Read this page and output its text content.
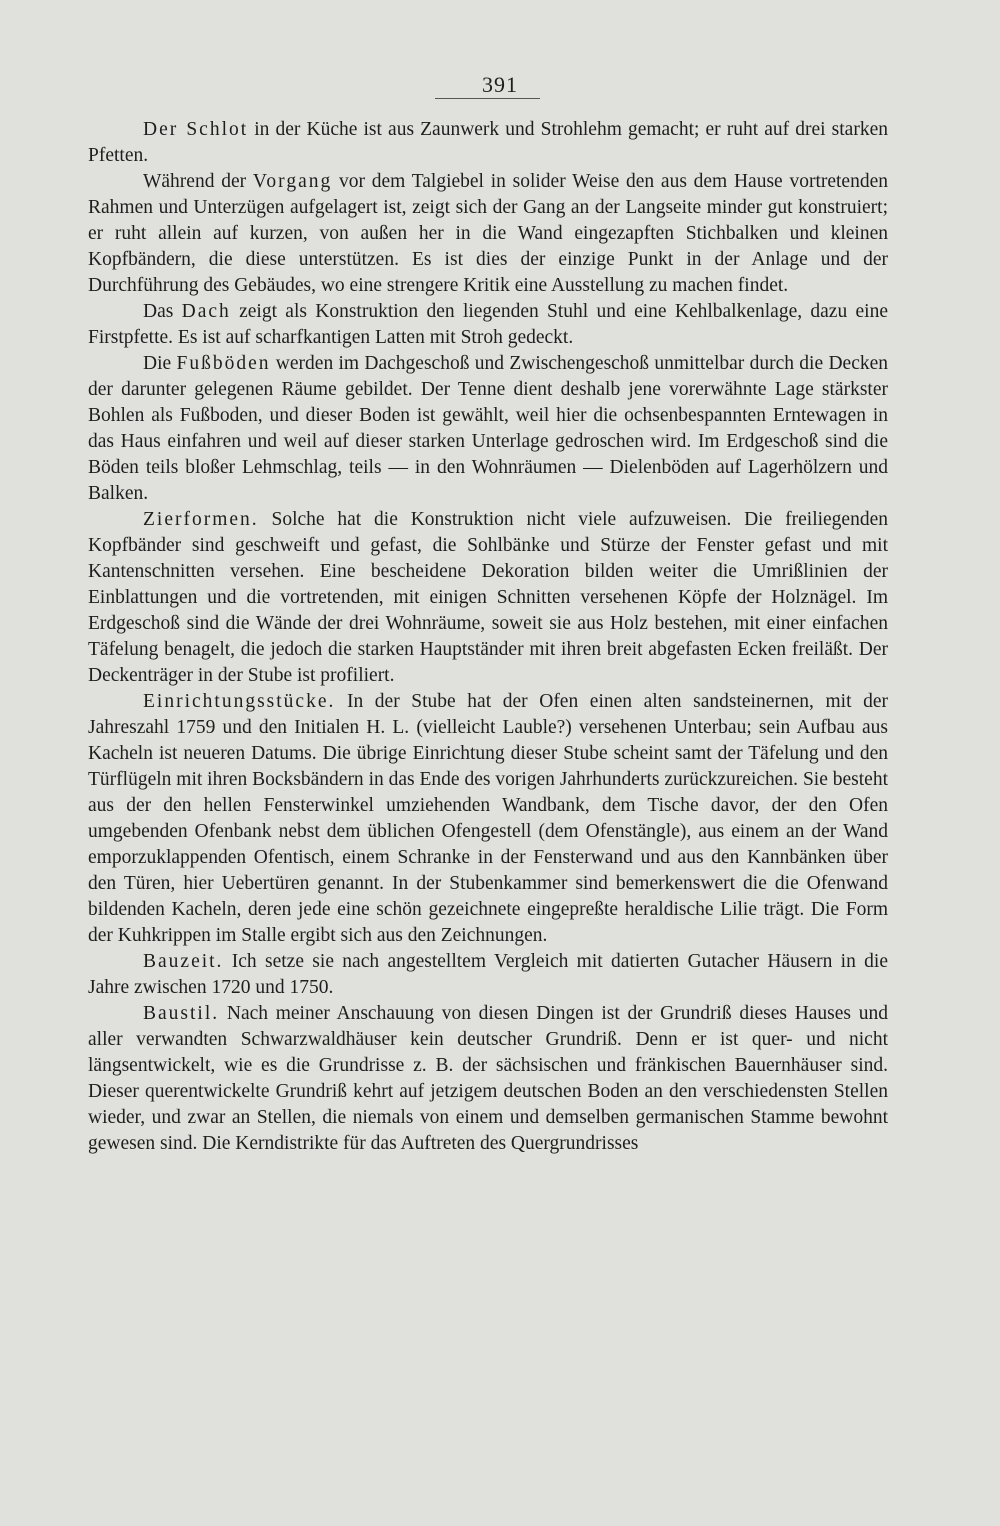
391

Der Schlot in der Küche ist aus Zaunwerk und Strohlehm gemacht; er ruht auf drei starken Pfetten.

Während der Vorgang vor dem Talgiebel in solider Weise den aus dem Hause vortretenden Rahmen und Unterzügen aufgelagert ist, zeigt sich der Gang an der Langseite minder gut konstruiert; er ruht allein auf kurzen, von außen her in die Wand eingezapften Stichbalken und kleinen Kopfbändern, die diese unterstützen. Es ist dies der einzige Punkt in der Anlage und der Durchführung des Gebäudes, wo eine strengere Kritik eine Ausstellung zu machen findet.

Das Dach zeigt als Konstruktion den liegenden Stuhl und eine Kehlbalkenlage, dazu eine Firstpfette. Es ist auf scharfkantigen Latten mit Stroh gedeckt.

Die Fußböden werden im Dachgeschoß und Zwischengeschoß unmittelbar durch die Decken der darunter gelegenen Räume gebildet. Der Tenne dient deshalb jene vorerwähnte Lage stärkster Bohlen als Fußboden, und dieser Boden ist gewählt, weil hier die ochsenbespannten Erntewagen in das Haus einfahren und weil auf dieser starken Unterlage gedroschen wird. Im Erdgeschoß sind die Böden teils bloßer Lehmschlag, teils — in den Wohnräumen — Dielenböden auf Lagerhölzern und Balken.

Zierformen. Solche hat die Konstruktion nicht viele aufzuweisen. Die freiliegenden Kopfbänder sind geschweift und gefast, die Sohlbänke und Stürze der Fenster gefast und mit Kantenschnitten versehen. Eine bescheidene Dekoration bilden weiter die Umrißlinien der Einblattungen und die vortretenden, mit einigen Schnitten versehenen Köpfe der Holznägel. Im Erdgeschoß sind die Wände der drei Wohnräume, soweit sie aus Holz bestehen, mit einer einfachen Täfelung benagelt, die jedoch die starken Hauptständer mit ihren breit abgefasten Ecken freiläßt. Der Deckenträger in der Stube ist profiliert.

Einrichtungsstücke. In der Stube hat der Ofen einen alten sandsteinernen, mit der Jahreszahl 1759 und den Initialen H. L. (vielleicht Lauble?) versehenen Unterbau; sein Aufbau aus Kacheln ist neueren Datums. Die übrige Einrichtung dieser Stube scheint samt der Täfelung und den Türflügeln mit ihren Bocksbändern in das Ende des vorigen Jahrhunderts zurückzureichen. Sie besteht aus der den hellen Fensterwinkel umziehenden Wandbank, dem Tische davor, der den Ofen umgebenden Ofenbank nebst dem üblichen Ofengestell (dem Ofenstängle), aus einem an der Wand emporzuklappenden Ofentisch, einem Schranke in der Fensterwand und aus den Kannbänken über den Türen, hier Uebertüren genannt. In der Stubenkammer sind bemerkenswert die die Ofenwand bildenden Kacheln, deren jede eine schön gezeichnete eingepreßte heraldische Lilie trägt. Die Form der Kuhkrippen im Stalle ergibt sich aus den Zeichnungen.

Bauzeit. Ich setze sie nach angestelltem Vergleich mit datierten Gutacher Häusern in die Jahre zwischen 1720 und 1750.

Baustil. Nach meiner Anschauung von diesen Dingen ist der Grundriß dieses Hauses und aller verwandten Schwarzwaldhäuser kein deutscher Grundriß. Denn er ist quer- und nicht längsentwickelt, wie es die Grundrisse z. B. der sächsischen und fränkischen Bauernhäuser sind. Dieser querentwickelte Grundriß kehrt auf jetzigem deutschen Boden an den verschiedensten Stellen wieder, und zwar an Stellen, die niemals von einem und demselben germanischen Stamme bewohnt gewesen sind. Die Kerndistrikte für das Auftreten des Quergrundrisses
